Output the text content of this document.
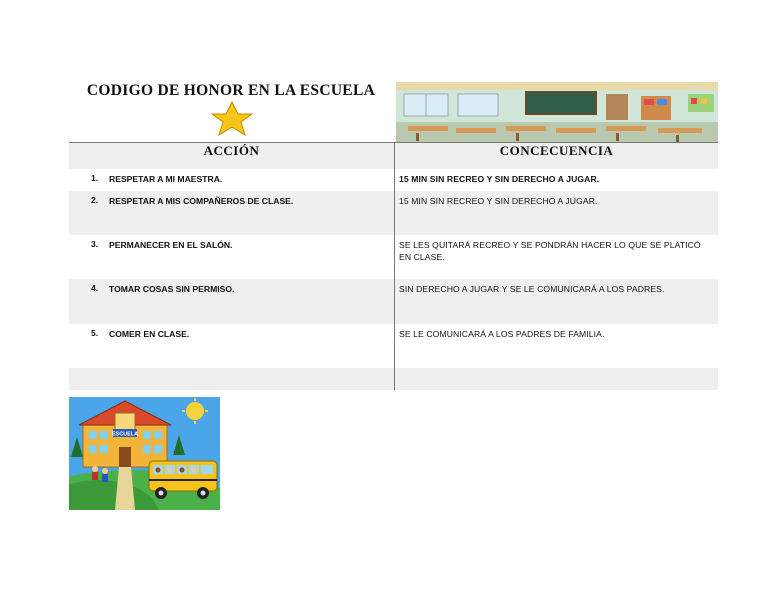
CODIGO DE HONOR EN LA ESCUELA
ACCIÓN	CONCECUENCIA
1. RESPETAR A MI MAESTRA.	15 MIN SIN RECREO Y SIN DERECHO A JUGAR.
2. RESPETAR A MIS COMPAÑEROS DE CLASE.	15 MIN SIN RECREO Y SIN DERECHO A JUGAR.
3. PERMANECER EN EL SALÓN.	SE LES QUITARÁ RECREO Y SE PONDRÁN HACER LO QUE SE PLATICÓ EN CLASE.
4. TOMAR COSAS SIN PERMISO.	SIN DERECHO A JUGAR Y SE LE COMUNICARÁ A LOS PADRES.
5. COMER EN CLASE.	SE LE COMUNICARÁ A LOS PADRES DE FAMILIA.
ESCUELA
